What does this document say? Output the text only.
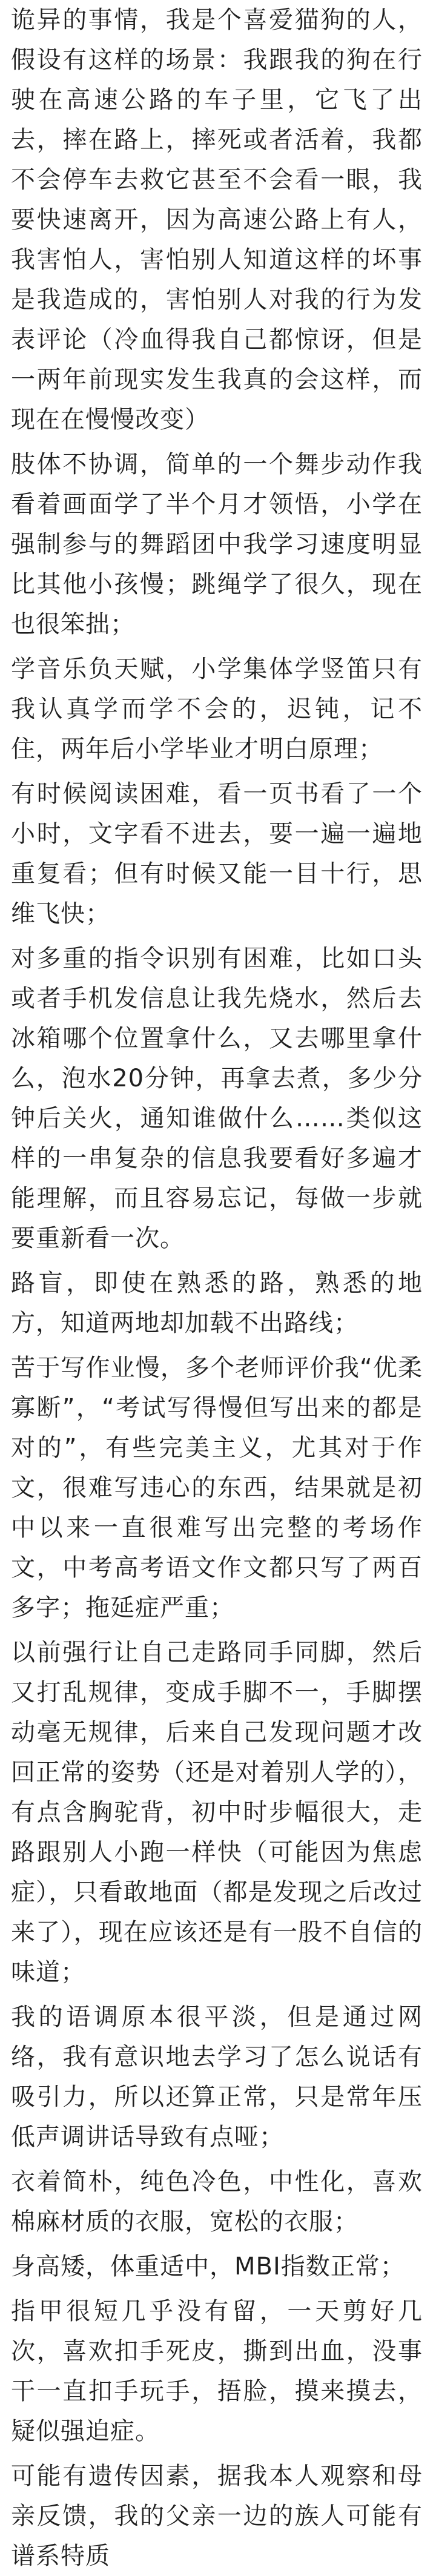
诡异的事情，我是个喜爱猫狗的人，假设有这样的场景：我跟我的狗在行驶在高速公路的车子里，它飞了出去，摔在路上，摔死或者活着，我都不会停车去救它甚至不会看一眼，我要快速离开，因为高速公路上有人，我害怕人，害怕别人知道这样的坏事是我造成的，害怕别人对我的行为发表评论（冷血得我自己都惊讶，但是一两年前现实发生我真的会这样，而现在在慢慢改变）

肢体不协调，简单的一个舞步动作我看着画面学了半个月才领悟，小学在强制参与的舞蹈团中我学习速度明显比其他小孩慢；跳绳学了很久，现在也很笨拙；

学音乐负天赋，小学集体学竖笛只有我认真学而学不会的，迟钝，记不住，两年后小学毕业才明白原理；

有时候阅读困难，看一页书看了一个小时，文字看不进去，要一遍一遍地重复看；但有时候又能一目十行，思维飞快；

对多重的指令识别有困难，比如口头或者手机发信息让我先烧水，然后去冰箱哪个位置拿什么，又去哪里拿什么，泡水20分钟，再拿去煮，多少分钟后关火，通知谁做什么……类似这样的一串复杂的信息我要看好多遍才能理解，而且容易忘记，每做一步就要重新看一次。

路盲，即使在熟悉的路，熟悉的地方，知道两地却加载不出路线；

苦于写作业慢，多个老师评价我“优柔寡断”，“考试写得慢但写出来的都是对的”，有些完美主义，尤其对于作文，很难写违心的东西，结果就是初中以来一直很难写出完整的考场作文，中考高考语文作文都只写了两百多字；拖延症严重；

以前强行让自己走路同手同脚，然后又打乱规律，变成手脚不一，手脚摆动毫无规律，后来自己发现问题才改回正常的姿势（还是对着别人学的），有点含胸驼背，初中时步幅很大，走路跟别人小跑一样快（可能因为焦虑症），只看敢地面（都是发现之后改过来了），现在应该还是有一股不自信的味道；

我的语调原本很平淡，但是通过网络，我有意识地去学习了怎么说话有吸引力，所以还算正常，只是常年压低声调讲话导致有点哑；

衣着简朴，纯色冷色，中性化，喜欢棉麻材质的衣服，宽松的衣服；

身高矮，体重适中，MBI指数正常；

指甲很短几乎没有留，一天剪好几次，喜欢扣手死皮，撕到出血，没事干一直扣手玩手，捂脸，摸来摸去，疑似强迫症。

可能有遗传因素，据我本人观察和母亲反馈，我的父亲一边的族人可能有谱系特质
